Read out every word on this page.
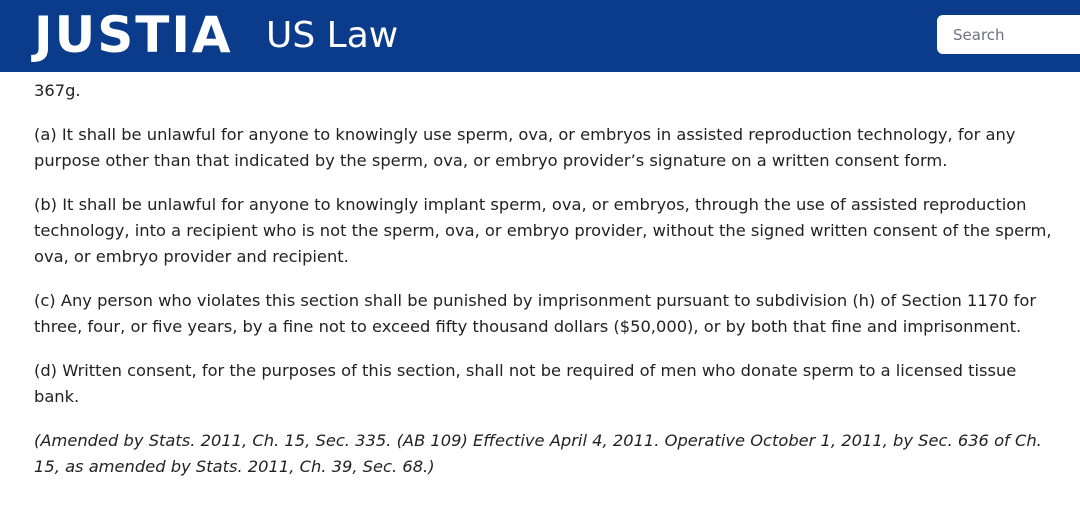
JUSTIA US Law
Search

367g.

(a) It shall be unlawful for anyone to knowingly use sperm, ova, or embryos in assisted reproduction technology, for any purpose other than that indicated by the sperm, ova, or embryo provider’s signature on a written consent form.

(b) It shall be unlawful for anyone to knowingly implant sperm, ova, or embryos, through the use of assisted reproduction technology, into a recipient who is not the sperm, ova, or embryo provider, without the signed written consent of the sperm, ova, or embryo provider and recipient.

(c) Any person who violates this section shall be punished by imprisonment pursuant to subdivision (h) of Section 1170 for three, four, or five years, by a fine not to exceed fifty thousand dollars ($50,000), or by both that fine and imprisonment.

(d) Written consent, for the purposes of this section, shall not be required of men who donate sperm to a licensed tissue bank.

(Amended by Stats. 2011, Ch. 15, Sec. 335. (AB 109) Effective April 4, 2011. Operative October 1, 2011, by Sec. 636 of Ch. 15, as amended by Stats. 2011, Ch. 39, Sec. 68.)
